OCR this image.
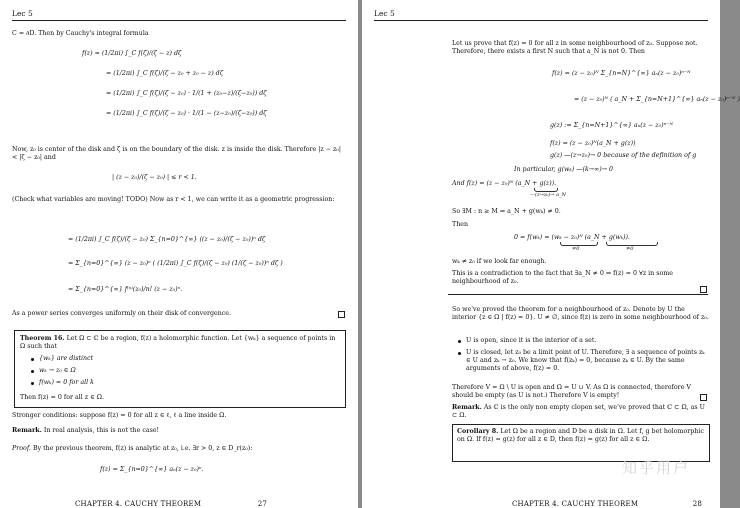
Lec 5
C = ∂D. Then by Cauchy's integral formula
f(z) = (1/2πi) ∫_C f(ζ)/(ζ − z) dζ
= (1/2πi) ∫_C f(ζ)/(ζ − z₀ + z₀ − z) dζ
= (1/2πi) ∫_C f(ζ)/(ζ − z₀) · 1/(1 + (z₀−z)/(ζ−z₀)) dζ
= (1/2πi) ∫_C f(ζ)/(ζ − z₀) · 1/(1 − (z−z₀)/(ζ−z₀)) dζ
Now, z₀ is center of the disk and ζ is on the boundary of the disk. z is inside the disk. Therefore |z − z₀| < |ζ − z₀| and
| (z − z₀)/(ζ − z₀) | ≤ r < 1.
(Check what variables are moving! TODO) Now as r < 1, we can write it as a geometric progression:
= (1/2πi) ∫_C f(ζ)/(ζ − z₀) Σ_{n=0}^{∞} ((z − z₀)/(ζ − z₀))ⁿ dζ
= Σ_{n=0}^{∞} (z − z₀)ⁿ ( (1/2πi) ∫_C f(ζ)/(ζ − z₀) (1/(ζ − z₀))ⁿ dζ )
= Σ_{n=0}^{∞} f⁽ⁿ⁾(z₀)/n! (z − z₀)ⁿ.
As a power series converges uniformly on their disk of convergence.
Theorem 16. Let Ω ⊂ ℂ be a region, f(z) a holomorphic function. Let {wₖ} a sequence of points in Ω such that
{wₖ} are distinct
wₖ → z₀ ∈ Ω
f(wₖ) = 0 for all k
Then f(z) = 0 for all z ∈ Ω.
Stronger conditions: suppose f(z) = 0 for all z ∈ ℓ, ℓ a line inside Ω.
Remark. In real analysis, this is not the case!
Proof. By the previous theorem, f(z) is analytic at z₀, i.e. ∃r > 0, z ∈ D_r(z₀):
f(z) = Σ_{n=0}^{∞} aₙ(z − z₀)ⁿ.
CHAPTER 4. CAUCHY THEOREM	27
Lec 5
Let us prove that f(z) = 0 for all z in some neighbourhood of z₀. Suppose not. Therefore, there exists a first N such that a_N is not 0. Then
f(z) = (z − z₀)ᴺ Σ_{n=N}^{∞} aₙ(z − z₀)ⁿ⁻ᴺ
= (z − z₀)ᴺ ( a_N + Σ_{n=N+1}^{∞} aₙ(z − z₀)ⁿ⁻ᴺ )
g(z) := Σ_{n=N+1}^{∞} aₙ(z − z₀)ⁿ⁻ᴺ
f(z) = (z − z₀)ᴺ(a_N + g(z))
g(z) —(z→z₀)→ 0 because of the definition of g
In particular, g(wₖ) —(k→∞)→ 0
And f(z) = (z − z₀)ᴺ (a_N + g(z)).
—(z→z₀)→ a_N
So ∃M : n ≥ M ⇒ a_N + g(wₖ) ≠ 0.
Then
0 = f(wₖ) = (wₖ − z₀)ᴺ (a_N + g(wₖ)).
≠0	≠0
wₖ ≠ z₀ if we look far enough.
This is a contradiction to the fact that ∃a_N ≠ 0 ⇒ f(z) = 0 ∀z in some neighbourhood of z₀.
So we've proved the theorem for a neighbourhood of z₀. Denote by U the interior {z ∈ Ω | f(z) = 0}. U ≠ ∅, since f(z) is zero in some neighbourhood of z₀.
U is open, since it is the interior of a set.
U is closed, let z₀ be a limit point of U. Therefore, ∃ a sequence of points zₖ ∈ U and zₖ → z₀. We know that f(zₖ) = 0, because zₖ ∈ U. By the same arguments of above, f(z) = 0.
Therefore V = Ω \ U is open and Ω = U ∪ V. As Ω is connected, therefore V should be empty (as U is not.) Therefore V is empty!
Remark. As ℂ is the only non empty clopen set, we've proved that ℂ ⊂ Ω, as U ⊂ Ω.
Corollary 8. Let Ω be a region and D be a disk in Ω. Let f, g bet holomorphic on Ω. If f(z) = g(z) for all z ∈ D, then f(z) = g(z) for all z ∈ Ω.
知乎用户
CHAPTER 4. CAUCHY THEOREM	28
